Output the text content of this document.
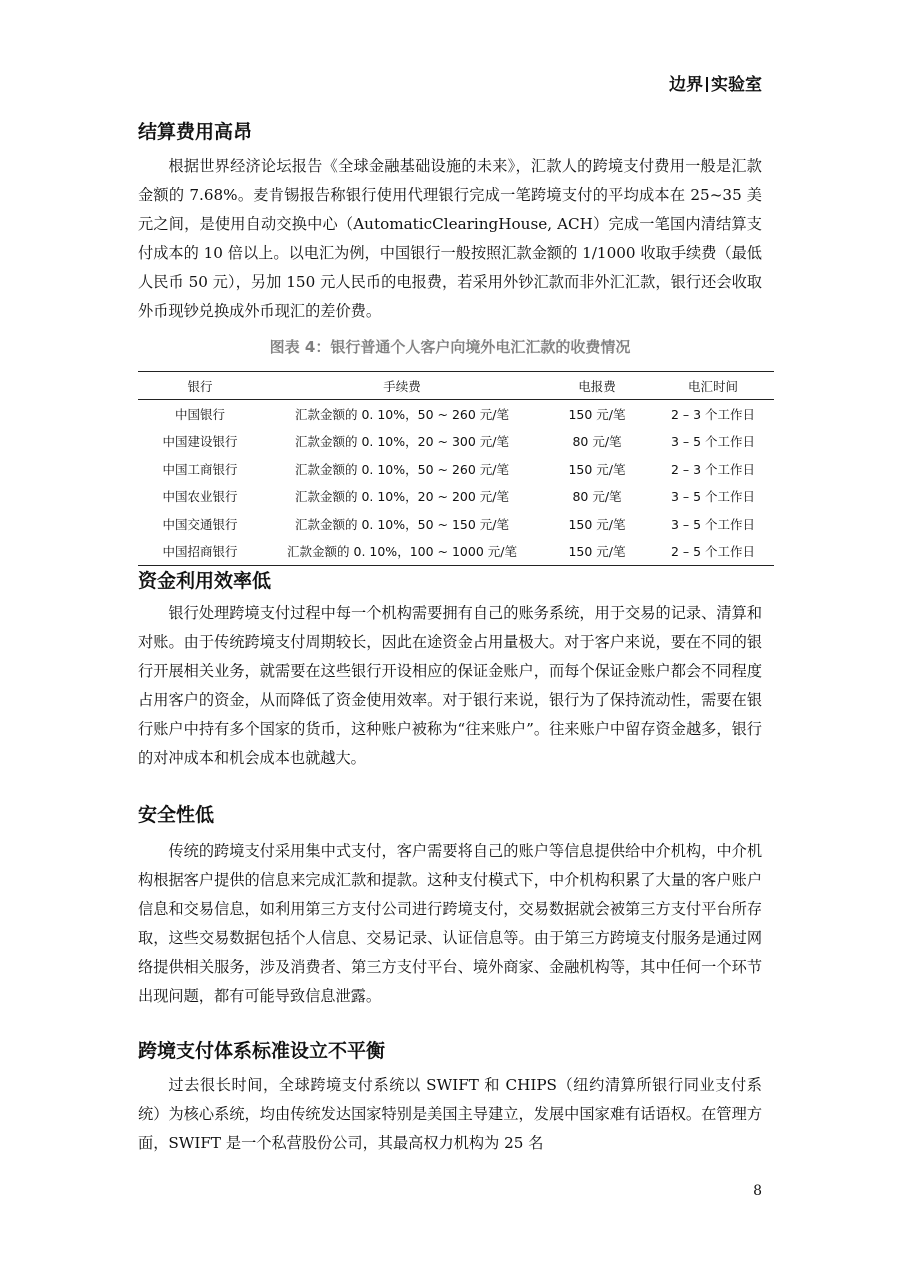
边界 实验室
结算费用高昂

根据世界经济论坛报告《全球金融基础设施的未来》，汇款人的跨境支付费用一般是汇款金额的 7.68%。麦肯锡报告称银行使用代理银行完成一笔跨境支付的平均成本在 25~35 美元之间，是使用自动交换中心（AutomaticClearingHouse, ACH）完成一笔国内清结算支付成本的 10 倍以上。以电汇为例，中国银行一般按照汇款金额的 1/1000 收取手续费（最低人民币 50 元），另加 150 元人民币的电报费，若采用外钞汇款而非外汇汇款，银行还会收取外币现钞兑换成外币现汇的差价费。

图表 4：银行普通个人客户向境外电汇汇款的收费情况
银行	手续费	电报费	电汇时间
中国银行	汇款金额的 0. 10%，50 ~ 260 元/笔	150 元/笔	2 – 3 个工作日
中国建设银行	汇款金额的 0. 10%，20 ~ 300 元/笔	80 元/笔	3 – 5 个工作日
中国工商银行	汇款金额的 0. 10%，50 ~ 260 元/笔	150 元/笔	2 – 3 个工作日
中国农业银行	汇款金额的 0. 10%，20 ~ 200 元/笔	80 元/笔	3 – 5 个工作日
中国交通银行	汇款金额的 0. 10%，50 ~ 150 元/笔	150 元/笔	3 – 5 个工作日
中国招商银行	汇款金额的 0. 10%，100 ~ 1000 元/笔	150 元/笔	2 – 5 个工作日
资金利用效率低

银行处理跨境支付过程中每一个机构需要拥有自己的账务系统，用于交易的记录、清算和对账。由于传统跨境支付周期较长，因此在途资金占用量极大。对于客户来说，要在不同的银行开展相关业务，就需要在这些银行开设相应的保证金账户，而每个保证金账户都会不同程度占用客户的资金，从而降低了资金使用效率。对于银行来说，银行为了保持流动性，需要在银行账户中持有多个国家的货币，这种账户被称为“往来账户”。往来账户中留存资金越多，银行的对冲成本和机会成本也就越大。

安全性低

传统的跨境支付采用集中式支付，客户需要将自己的账户等信息提供给中介机构，中介机构根据客户提供的信息来完成汇款和提款。这种支付模式下，中介机构积累了大量的客户账户信息和交易信息，如利用第三方支付公司进行跨境支付，交易数据就会被第三方支付平台所存取，这些交易数据包括个人信息、交易记录、认证信息等。由于第三方跨境支付服务是通过网络提供相关服务，涉及消费者、第三方支付平台、境外商家、金融机构等，其中任何一个环节出现问题，都有可能导致信息泄露。

跨境支付体系标准设立不平衡

过去很长时间，全球跨境支付系统以 SWIFT 和 CHIPS（纽约清算所银行同业支付系统）为核心系统，均由传统发达国家特别是美国主导建立，发展中国家难有话语权。在管理方面，SWIFT 是一个私营股份公司，其最高权力机构为 25 名

8
